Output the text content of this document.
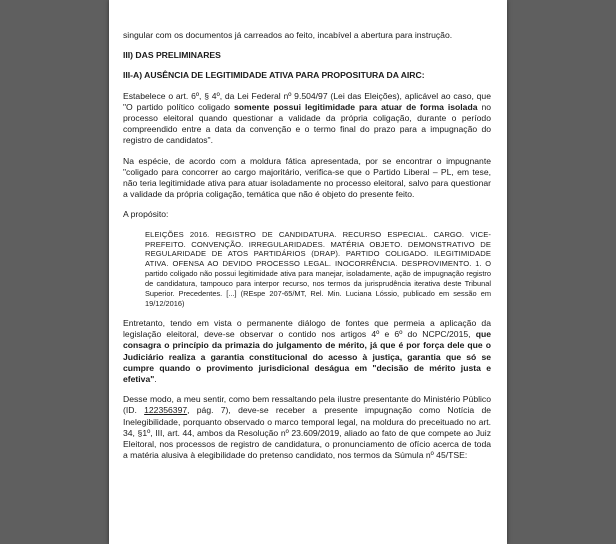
singular com os documentos já carreados ao feito, incabível a abertura para instrução.

III) DAS PRELIMINARES

III-A) AUSÊNCIA DE LEGITIMIDADE ATIVA PARA PROPOSITURA DA AIRC:

Estabelece o art. 6º, § 4º, da Lei Federal nº 9.504/97 (Lei das Eleições), aplicável ao caso, que "O partido político coligado somente possui legitimidade para atuar de forma isolada no processo eleitoral quando questionar a validade da própria coligação, durante o período compreendido entre a data da convenção e o termo final do prazo para a impugnação do registro de candidatos".

Na espécie, de acordo com a moldura fática apresentada, por se encontrar o impugnante "coligado para concorrer ao cargo majoritário, verifica-se que o Partido Liberal – PL, em tese, não teria legitimidade ativa para atuar isoladamente no processo eleitoral, salvo para questionar a validade da própria coligação, temática que não é objeto do presente feito.

A propósito:

ELEIÇÕES 2016. REGISTRO DE CANDIDATURA. RECURSO ESPECIAL. CARGO. VICE-PREFEITO. CONVENÇÃO. IRREGULARIDADES. MATÉRIA OBJETO. DEMONSTRATIVO DE REGULARIDADE DE ATOS PARTIDÁRIOS (DRAP). PARTIDO COLIGADO. ILEGITIMIDADE ATIVA. OFENSA AO DEVIDO PROCESSO LEGAL. INOCORRÊNCIA. DESPROVIMENTO. 1. O partido coligado não possui legitimidade ativa para manejar, isoladamente, ação de impugnação registro de candidatura, tampouco para interpor recurso, nos termos da jurisprudência iterativa deste Tribunal Superior. Precedentes. [...] (REspe 207-65/MT, Rel. Min. Luciana Lóssio, publicado em sessão em 19/12/2016)

Entretanto, tendo em vista o permanente diálogo de fontes que permeia a aplicação da legislação eleitoral, deve-se observar o contido nos artigos 4º e 6º do NCPC/2015, que consagra o princípio da primazia do julgamento de mérito, já que é por força dele que o Judiciário realiza a garantia constitucional do acesso à justiça, garantia que só se cumpre quando o provimento jurisdicional deságua em "decisão de mérito justa e efetiva".

Desse modo, a meu sentir, como bem ressaltando pela ilustre presentante do Ministério Público (ID. 122356397, pág. 7), deve-se receber a presente impugnação como Notícia de Inelegibilidade, porquanto observado o marco temporal legal, na moldura do preceituado no art. 34, §1º, III, art. 44, ambos da Resolução nº 23.609/2019, aliado ao fato de que compete ao Juiz Eleitoral, nos processos de registro de candidatura, o pronunciamento de ofício acerca de toda a matéria alusiva à elegibilidade do pretenso candidato, nos termos da Súmula nº 45/TSE:
